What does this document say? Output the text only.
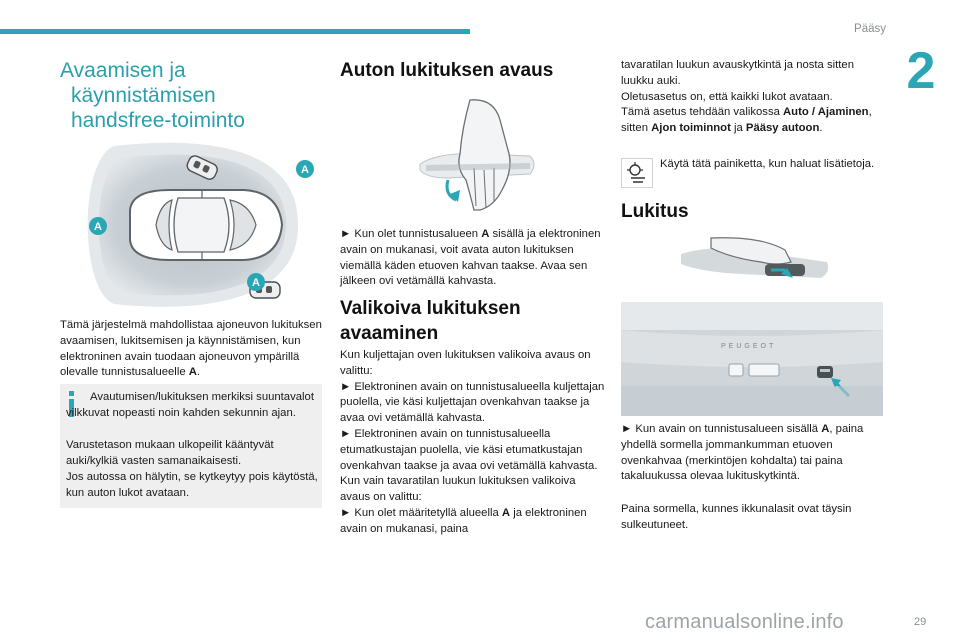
Pääsy
2
Avaamisen ja
käynnistämisen
handsfree-toiminto
A
A
A
Tämä järjestelmä mahdollistaa ajoneuvon lukituksen avaamisen, lukitsemisen ja käynnistämisen, kun elektroninen avain tuodaan ajoneuvon ympärillä olevalle tunnistusalueelle A.
Avautumisen/lukituksen merkiksi suuntavalot vilkkuvat nopeasti noin kahden sekunnin ajan.
Varustetason mukaan ulkopeilit kääntyvät auki/kylkiä vasten samanaikaisesti.
Jos autossa on hälytin, se kytkeytyy pois käytöstä, kun auton lukot avataan.
Auton lukituksen avaus
► Kun olet tunnistusalueen A sisällä ja elektroninen avain on mukanasi, voit avata auton lukituksen viemällä käden etuoven kahvan taakse. Avaa sen jälkeen ovi vetämällä kahvasta.
Valikoiva lukituksen
avaaminen
Kun kuljettajan oven lukituksen valikoiva avaus on valittu:
► Elektroninen avain on tunnistusalueella kuljettajan puolella, vie käsi kuljettajan ovenkahvan taakse ja avaa ovi vetämällä kahvasta.
► Elektroninen avain on tunnistusalueella etumatkustajan puolella, vie käsi etumatkustajan ovenkahvan taakse ja avaa ovi vetämällä kahvasta.
Kun vain tavaratilan luukun lukituksen valikoiva avaus on valittu:
► Kun olet määritetyllä alueella A ja elektroninen avain on mukanasi, paina
tavaratilan luukun avauskytkintä ja nosta sitten luukku auki.
Oletusasetus on, että kaikki lukot avataan.
Tämä asetus tehdään valikossa Auto / Ajaminen, sitten Ajon toiminnot ja Pääsy autoon.
Käytä tätä painiketta, kun haluat lisätietoja.
Lukitus
PEUGEOT
► Kun avain on tunnistusalueen sisällä A, paina yhdellä sormella jommankumman etuoven ovenkahvaa (merkintöjen kohdalta) tai paina takaluukussa olevaa lukituskytkintä.
Paina sormella, kunnes ikkunalasit ovat täysin sulkeutuneet.
carmanualsonline.info	29
